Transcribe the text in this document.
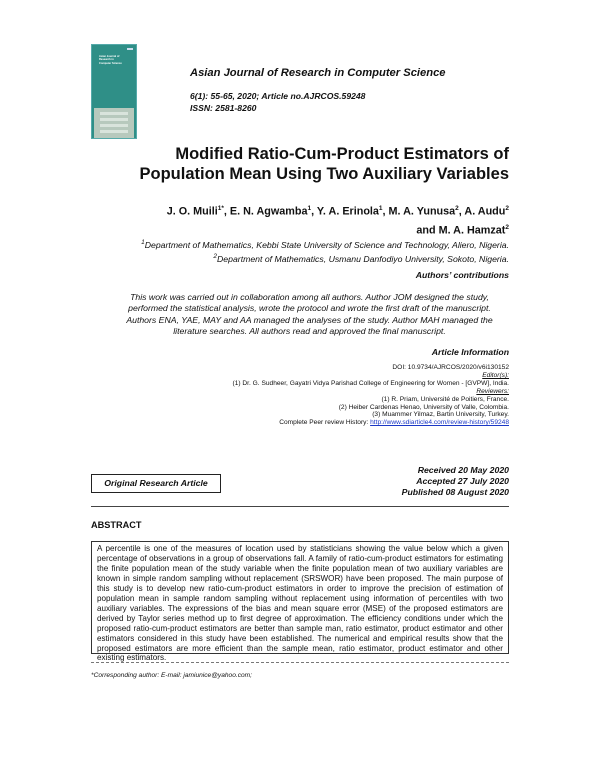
Asian Journal of
Research in
Computer Science
Asian Journal of Research in Computer Science
6(1): 55-65, 2020; Article no.AJRCOS.59248
ISSN: 2581-8260
Modified Ratio-Cum-Product Estimators of
Population Mean Using Two Auxiliary Variables
J. O. Muili$^{1*}$, E. N. Agwamba$^1$, Y. A. Erinola$^1$, M. A. Yunusa$^2$, A. Audu$^2$
and M. A. Hamzat$^2$
$^1$Department of Mathematics, Kebbi State University of Science and Technology, Aliero, Nigeria.
$^2$Department of Mathematics, Usmanu Danfodiyo University, Sokoto, Nigeria.
Authors’ contributions
This work was carried out in collaboration among all authors. Author JOM designed the study,
performed the statistical analysis, wrote the protocol and wrote the first draft of the manuscript.
Authors ENA, YAE, MAY and AA managed the analyses of the study. Author MAH managed the
literature searches. All authors read and approved the final manuscript.
Article Information
DOI: 10.9734/AJRCOS/2020/v6i130152
Editor(s):
(1) Dr. G. Sudheer, Gayatri Vidya Parishad College of Engineering for Women - [GVPW], India.
Reviewers:
(1) R. Priam, Université de Poitiers, France.
(2) Heiber Cardenas Henao, University of Valle, Colombia.
(3) Muammer Yilmaz, Bartin University, Turkey.
Complete Peer review History: http://www.sdiarticle4.com/review-history/59248
Original Research Article
Received 20 May 2020
Accepted 27 July 2020
Published 08 August 2020
ABSTRACT
A percentile is one of the measures of location used by statisticians showing the value below which a given percentage of observations in a group of observations fall. A family of ratio-cum-product estimators for estimating the finite population mean of the study variable when the finite population mean of two auxiliary variables are known in simple random sampling without replacement (SRSWOR) have been proposed. The main purpose of this study is to develop new ratio-cum-product estimators in order to improve the precision of estimation of population mean in sample random sampling without replacement using information of percentiles with two auxiliary variables. The expressions of the bias and mean square error (MSE) of the proposed estimators are derived by Taylor series method up to first degree of approximation. The efficiency conditions under which the proposed ratio-cum-product estimators are better than sample man, ratio estimator, product estimator and other estimators considered in this study have been established. The numerical and empirical results show that the proposed estimators are more efficient than the sample mean, ratio estimator, product estimator and other existing estimators.
*Corresponding author: E-mail: jamiunice@yahoo.com;
